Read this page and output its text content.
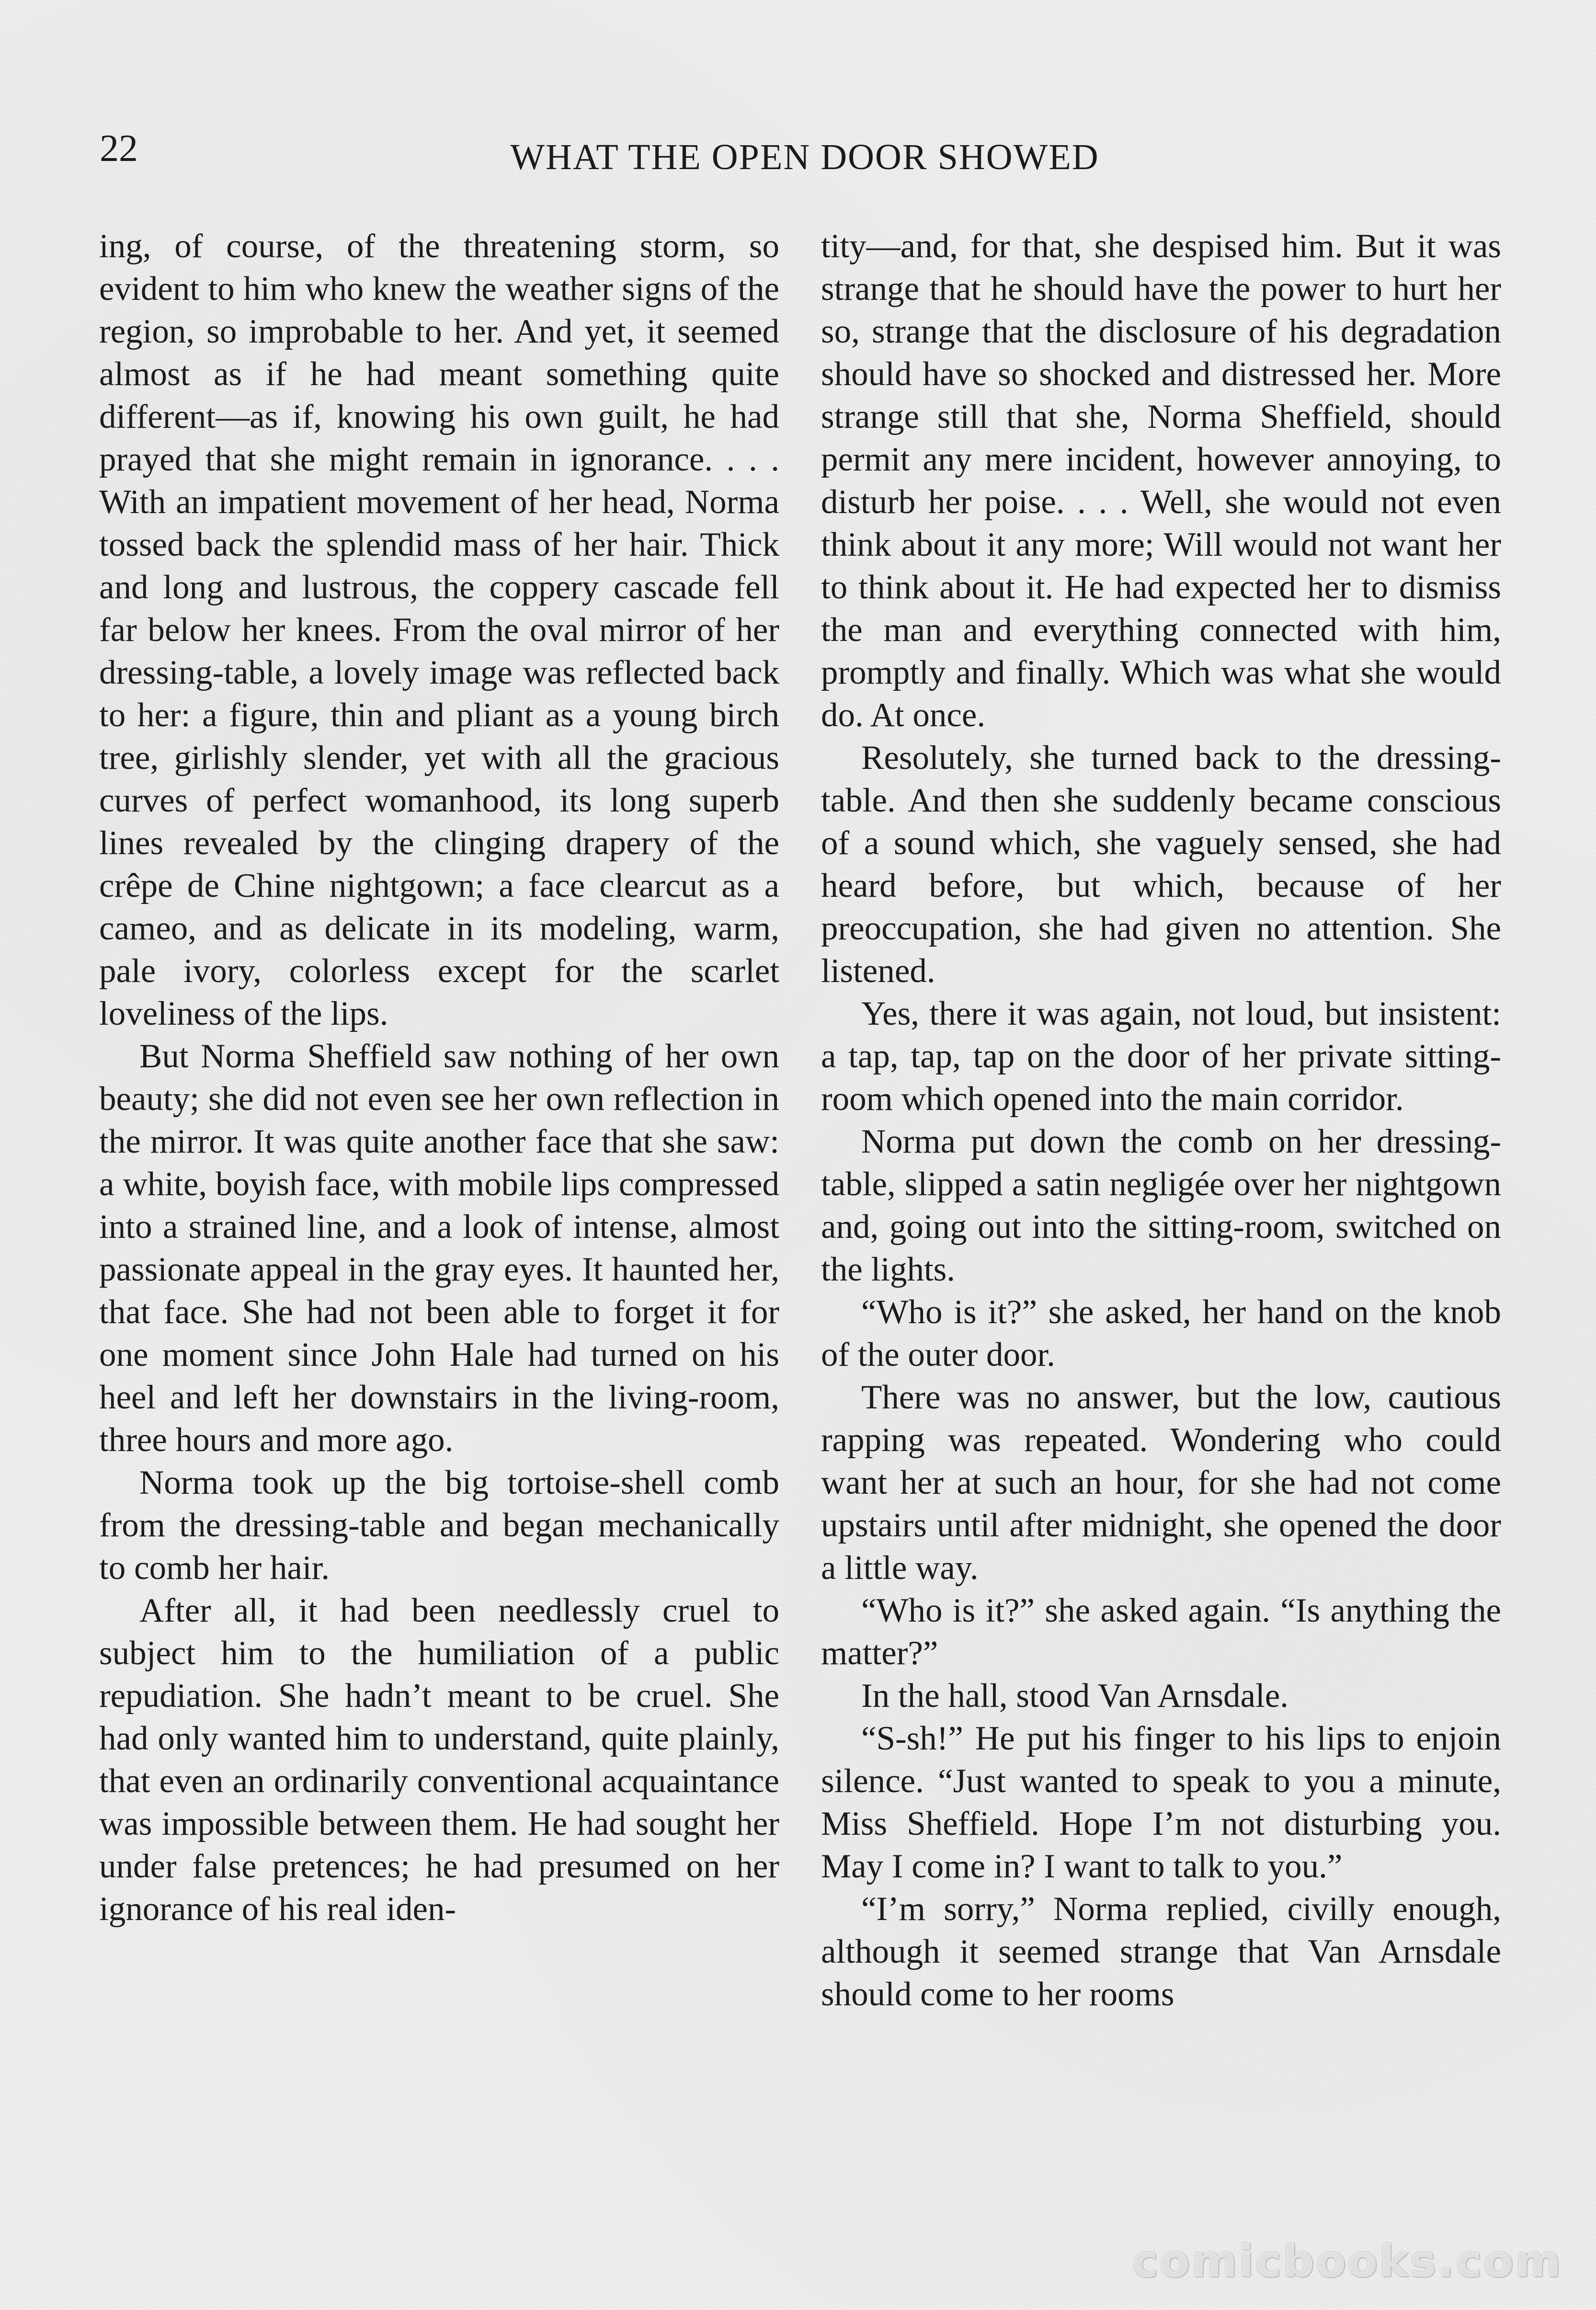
22	WHAT THE OPEN DOOR SHOWED

ing, of course, of the threatening storm, so evident to him who knew the weather signs of the region, so improbable to her. And yet, it seemed almost as if he had meant something quite different—as if, knowing his own guilt, he had prayed that she might remain in ignorance. . . . With an impatient movement of her head, Norma tossed back the splendid mass of her hair. Thick and long and lustrous, the coppery cascade fell far below her knees. From the oval mirror of her dressing-table, a lovely image was reflected back to her: a figure, thin and pliant as a young birch tree, girlishly slender, yet with all the gracious curves of perfect womanhood, its long superb lines revealed by the clinging drapery of the crêpe de Chine nightgown; a face clearcut as a cameo, and as delicate in its modeling, warm, pale ivory, colorless except for the scarlet loveliness of the lips.

But Norma Sheffield saw nothing of her own beauty; she did not even see her own reflection in the mirror. It was quite another face that she saw: a white, boyish face, with mobile lips compressed into a strained line, and a look of intense, almost passionate appeal in the gray eyes. It haunted her, that face. She had not been able to forget it for one moment since John Hale had turned on his heel and left her downstairs in the living-room, three hours and more ago.

Norma took up the big tortoise-shell comb from the dressing-table and began mechanically to comb her hair.

After all, it had been needlessly cruel to subject him to the humiliation of a public repudiation. She hadn’t meant to be cruel. She had only wanted him to understand, quite plainly, that even an ordinarily conventional acquaintance was impossible between them. He had sought her under false pretences; he had presumed on her ignorance of his real iden-

tity—and, for that, she despised him. But it was strange that he should have the power to hurt her so, strange that the disclosure of his degradation should have so shocked and distressed her. More strange still that she, Norma Sheffield, should permit any mere incident, however annoying, to disturb her poise. . . . Well, she would not even think about it any more; Will would not want her to think about it. He had expected her to dismiss the man and everything connected with him, promptly and finally. Which was what she would do. At once.

Resolutely, she turned back to the dressing-table. And then she suddenly became conscious of a sound which, she vaguely sensed, she had heard before, but which, because of her preoccupation, she had given no attention. She listened.

Yes, there it was again, not loud, but insistent: a tap, tap, tap on the door of her private sitting-room which opened into the main corridor.

Norma put down the comb on her dressing-table, slipped a satin negligée over her nightgown and, going out into the sitting-room, switched on the lights.

“Who is it?” she asked, her hand on the knob of the outer door.

There was no answer, but the low, cautious rapping was repeated. Wondering who could want her at such an hour, for she had not come upstairs until after midnight, she opened the door a little way.

“Who is it?” she asked again. “Is anything the matter?”

In the hall, stood Van Arnsdale.

“S-sh!” He put his finger to his lips to enjoin silence. “Just wanted to speak to you a minute, Miss Sheffield. Hope I’m not disturbing you. May I come in? I want to talk to you.”

“I’m sorry,” Norma replied, civilly enough, although it seemed strange that Van Arnsdale should come to her rooms

comicbooks.com
